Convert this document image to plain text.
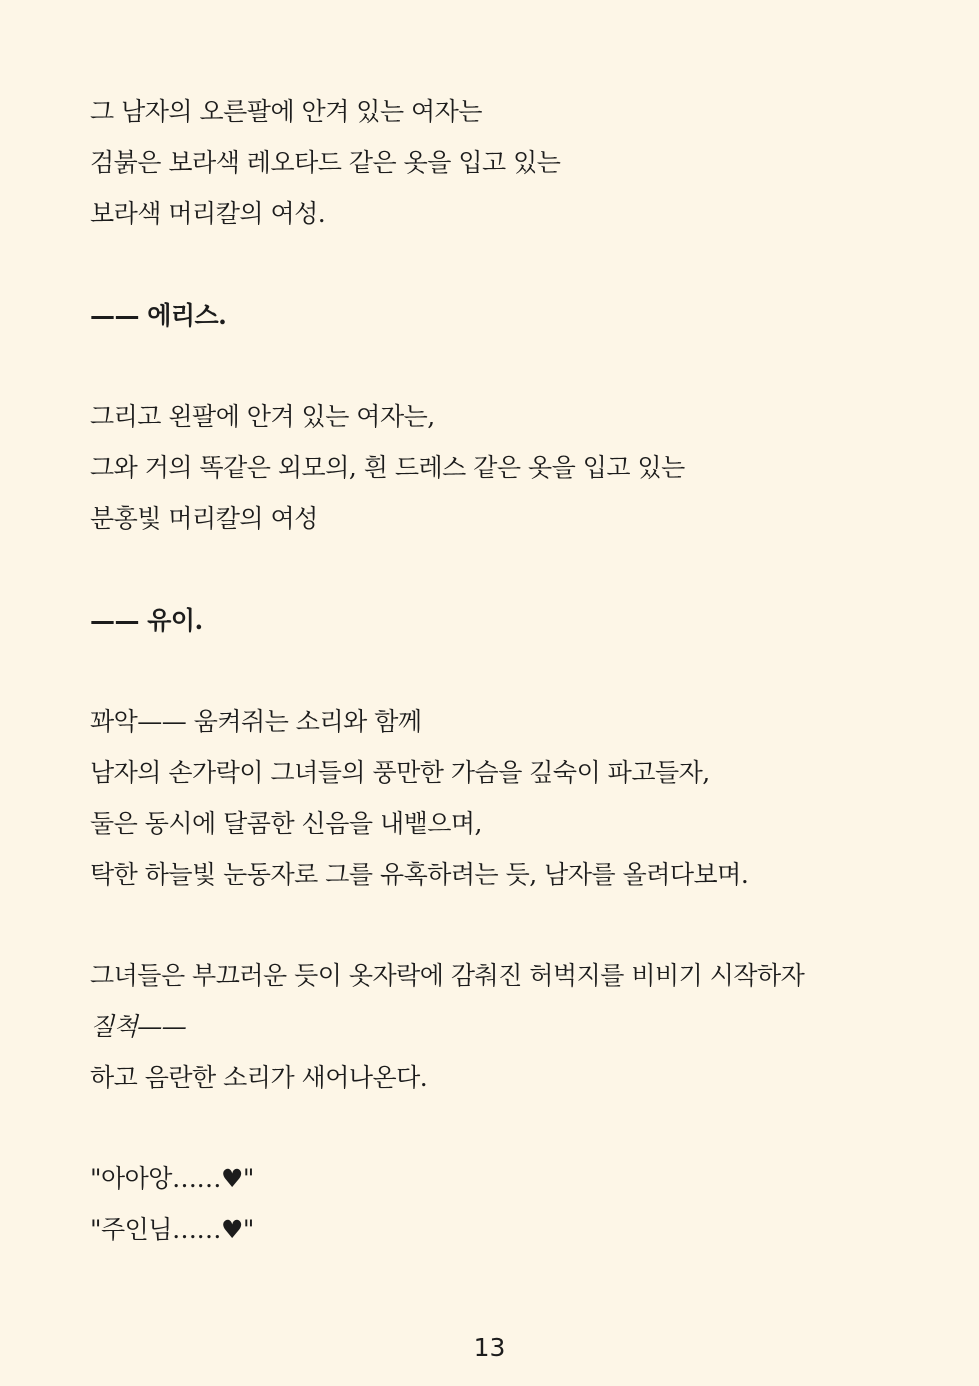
그 남자의 오른팔에 안겨 있는 여자는
검붉은 보라색 레오타드 같은 옷을 입고 있는
보라색 머리칼의 여성.
—— 에리스.
그리고 왼팔에 안겨 있는 여자는,
그와 거의 똑같은 외모의, 흰 드레스 같은 옷을 입고 있는
분홍빛 머리칼의 여성
—— 유이.
꽈악—— 움켜쥐는 소리와 함께
남자의 손가락이 그녀들의 풍만한 가슴을 깊숙이 파고들자,
둘은 동시에 달콤한 신음을 내뱉으며,
탁한 하늘빛 눈동자로 그를 유혹하려는 듯, 남자를 올려다보며.
그녀들은 부끄러운 듯이 옷자락에 감춰진 허벅지를 비비기 시작하자
질척——
하고 음란한 소리가 새어나온다.
"아아앙……♥"
"주인님……♥"
13
